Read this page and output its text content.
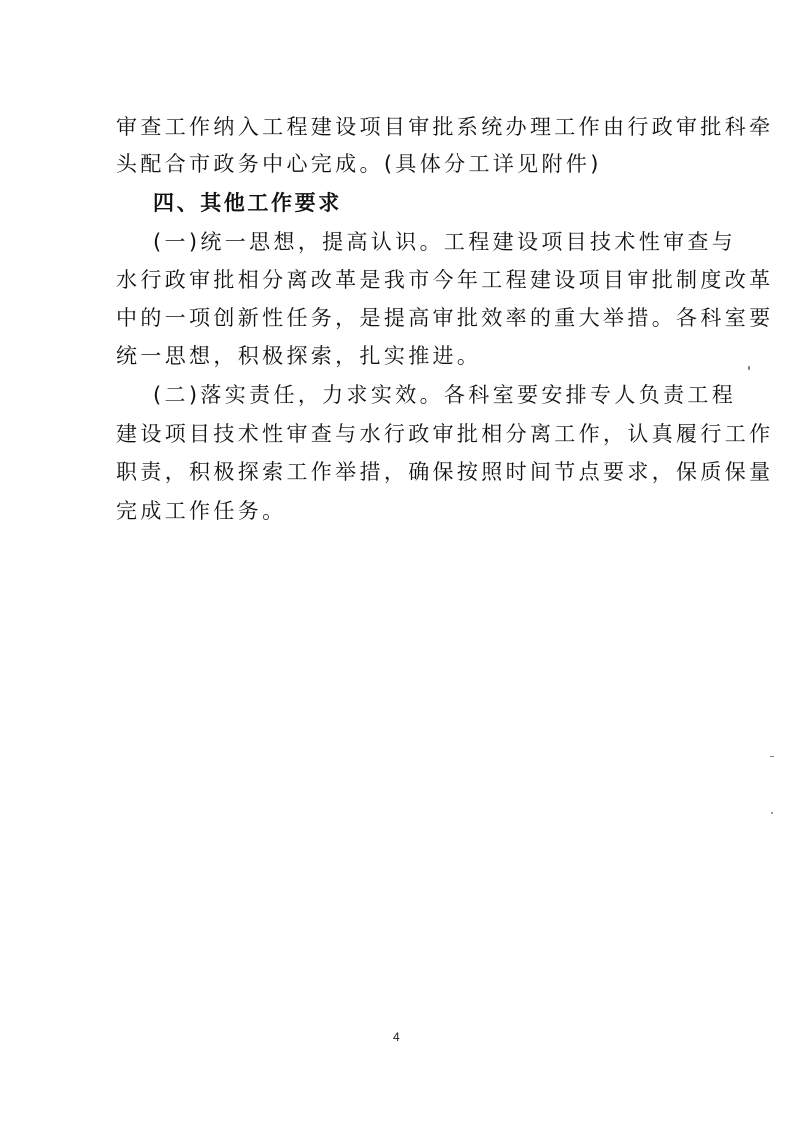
审查工作纳入工程建设项目审批系统办理工作由行政审批科牵
头配合市政务中心完成。(具体分工详见附件)
四、其他工作要求
(一)统一思想，提高认识。工程建设项目技术性审查与
水行政审批相分离改革是我市今年工程建设项目审批制度改革
中的一项创新性任务，是提高审批效率的重大举措。各科室要
统一思想，积极探索，扎实推进。
(二)落实责任，力求实效。各科室要安排专人负责工程
建设项目技术性审查与水行政审批相分离工作，认真履行工作
职责，积极探索工作举措，确保按照时间节点要求，保质保量
完成工作任务。
4
